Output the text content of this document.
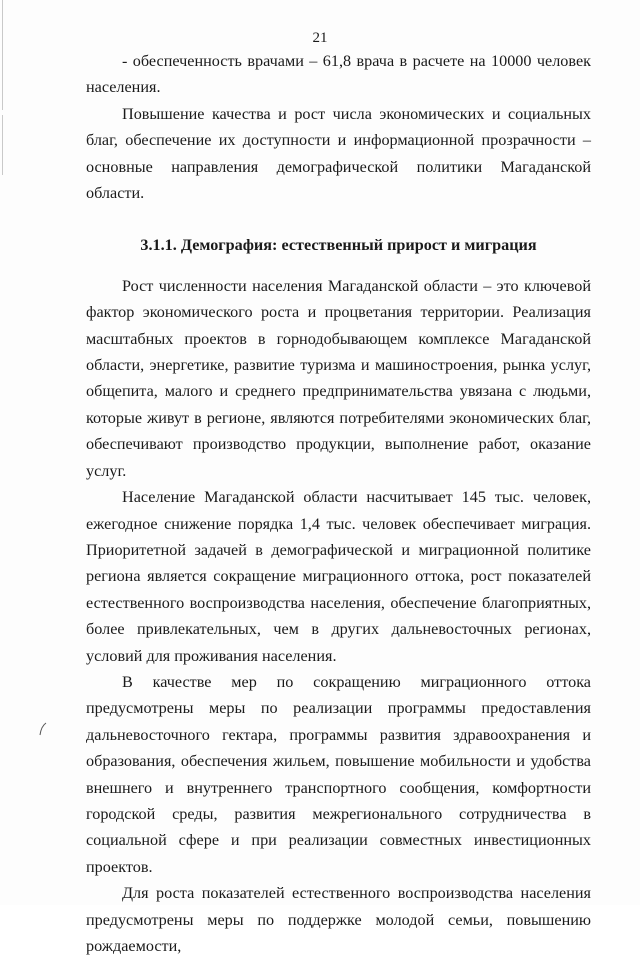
21

- обеспеченность врачами – 61,8 врача в расчете на 10000 человек населения.

Повышение качества и рост числа экономических и социальных благ, обеспечение их доступности и информационной прозрачности – основные направления демографической политики Магаданской области.

3.1.1. Демография: естественный прирост и миграция

Рост численности населения Магаданской области – это ключевой фактор экономического роста и процветания территории. Реализация масштабных проектов в горнодобывающем комплексе Магаданской области, энергетике, развитие туризма и машиностроения, рынка услуг, общепита, малого и среднего предпринимательства увязана с людьми, которые живут в регионе, являются потребителями экономических благ, обеспечивают производство продукции, выполнение работ, оказание услуг.

Население Магаданской области насчитывает 145 тыс. человек, ежегодное снижение порядка 1,4 тыс. человек обеспечивает миграция. Приоритетной задачей в демографической и миграционной политике региона является сокращение миграционного оттока, рост показателей естественного воспроизводства населения, обеспечение благоприятных, более привлекательных, чем в других дальневосточных регионах, условий для проживания населения.

В качестве мер по сокращению миграционного оттока предусмотрены меры по реализации программы предоставления дальневосточного гектара, программы развития здравоохранения и образования, обеспечения жильем, повышение мобильности и удобства внешнего и внутреннего транспортного сообщения, комфортности городской среды, развития межрегионального сотрудничества в социальной сфере и при реализации совместных инвестиционных проектов.

Для роста показателей естественного воспроизводства населения предусмотрены меры по поддержке молодой семьи, повышению рождаемости,
